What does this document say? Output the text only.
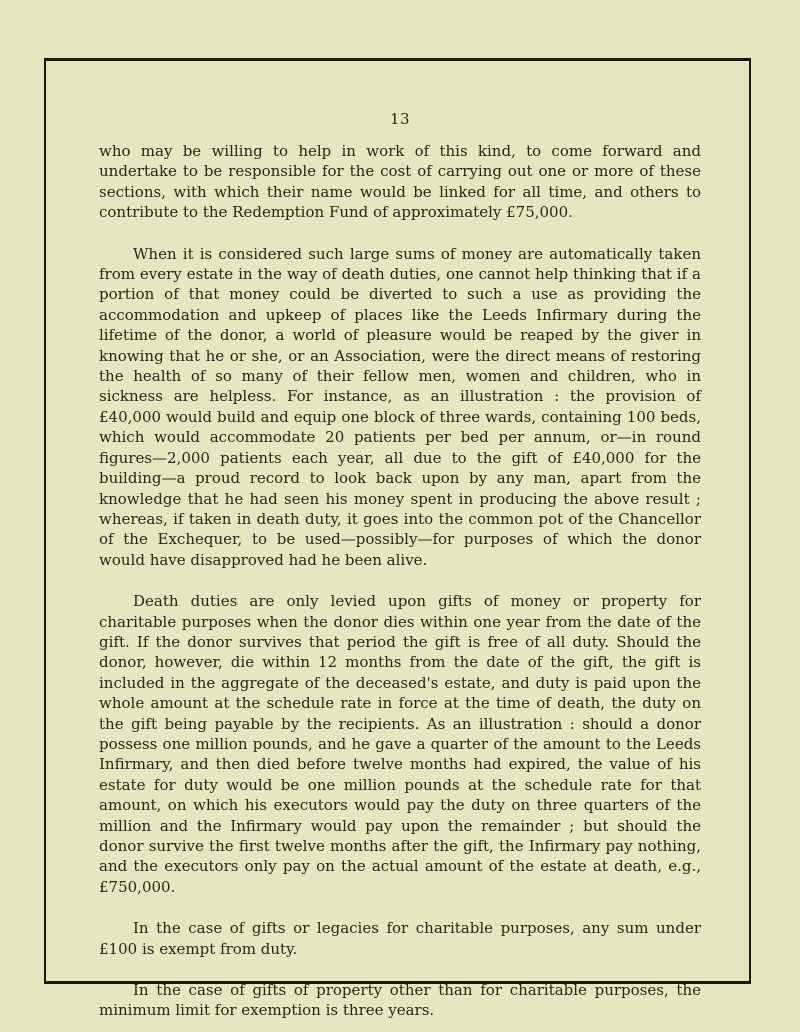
13

who may be willing to help in work of this kind, to come forward and undertake to be responsible for the cost of carrying out one or more of these sections, with which their name would be linked for all time, and others to contribute to the Redemption Fund of approximately £75,000.

When it is considered such large sums of money are automatically taken from every estate in the way of death duties, one cannot help thinking that if a portion of that money could be diverted to such a use as providing the accommodation and upkeep of places like the Leeds Infirmary during the lifetime of the donor, a world of pleasure would be reaped by the giver in knowing that he or she, or an Association, were the direct means of restoring the health of so many of their fellow men, women and children, who in sickness are helpless. For instance, as an illustration : the provision of £40,000 would build and equip one block of three wards, containing 100 beds, which would accommodate 20 patients per bed per annum, or—in round figures—2,000 patients each year, all due to the gift of £40,000 for the building—a proud record to look back upon by any man, apart from the knowledge that he had seen his money spent in producing the above result ; whereas, if taken in death duty, it goes into the common pot of the Chancellor of the Exchequer, to be used—possibly—for purposes of which the donor would have disapproved had he been alive.

Death duties are only levied upon gifts of money or property for charitable purposes when the donor dies within one year from the date of the gift. If the donor survives that period the gift is free of all duty. Should the donor, however, die within 12 months from the date of the gift, the gift is included in the aggregate of the deceased's estate, and duty is paid upon the whole amount at the schedule rate in force at the time of death, the duty on the gift being payable by the recipients. As an illustration : should a donor possess one million pounds, and he gave a quarter of the amount to the Leeds Infirmary, and then died before twelve months had expired, the value of his estate for duty would be one million pounds at the schedule rate for that amount, on which his executors would pay the duty on three quarters of the million and the Infirmary would pay upon the remainder ; but should the donor survive the first twelve months after the gift, the Infirmary pay nothing, and the executors only pay on the actual amount of the estate at death, e.g., £750,000.

In the case of gifts or legacies for charitable purposes, any sum under £100 is exempt from duty.

In the case of gifts of property other than for charitable purposes, the minimum limit for exemption is three years.
